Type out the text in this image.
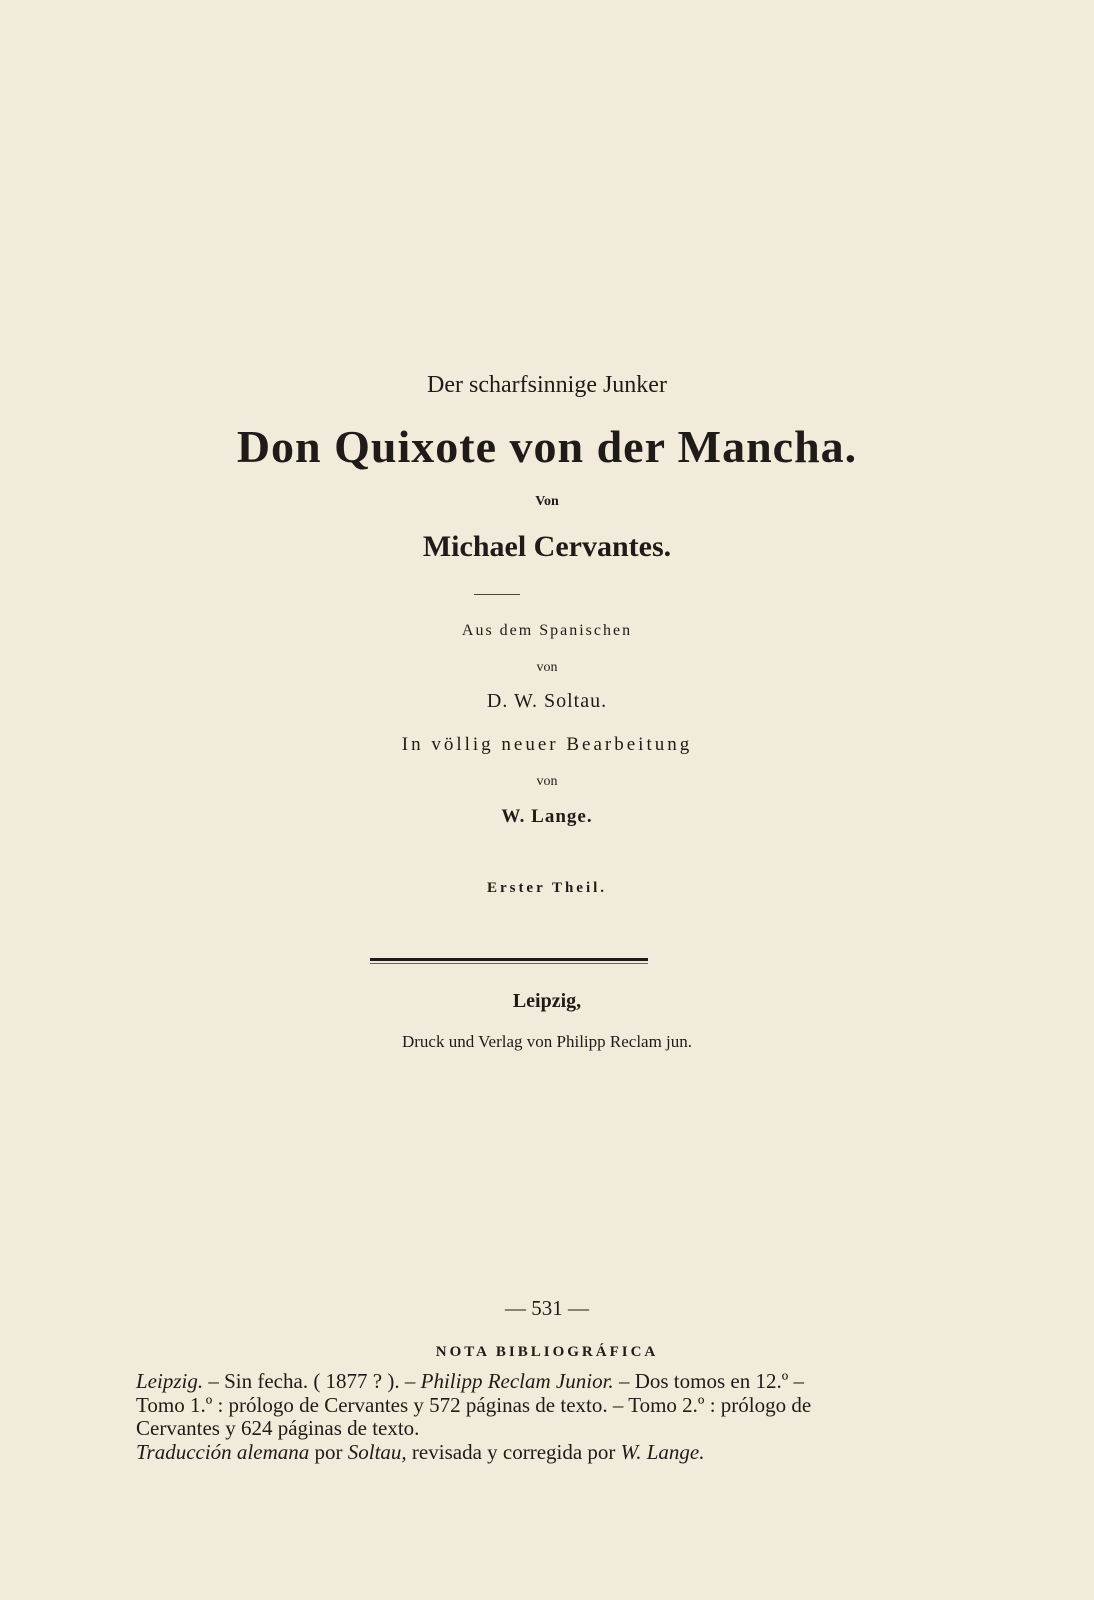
Der scharfsinnige Junker
Don Quixote von der Mancha.
Von
Michael Cervantes.
Aus dem Spanischen
von
D. W. Soltau.
In völlig neuer Bearbeitung
von
W. Lange.
Erster Theil.
Leipzig,
Druck und Verlag von Philipp Reclam jun.
— 531 —
NOTA BIBLIOGRÁFICA
Leipzig. – Sin fecha. ( 1877 ? ). – Philipp Reclam Junior. – Dos tomos en 12.º –
Tomo 1.º : prólogo de Cervantes y 572 páginas de texto. – Tomo 2.º : prólogo de
Cervantes y 624 páginas de texto.
Traducción alemana por Soltau, revisada y corregida por W. Lange.
